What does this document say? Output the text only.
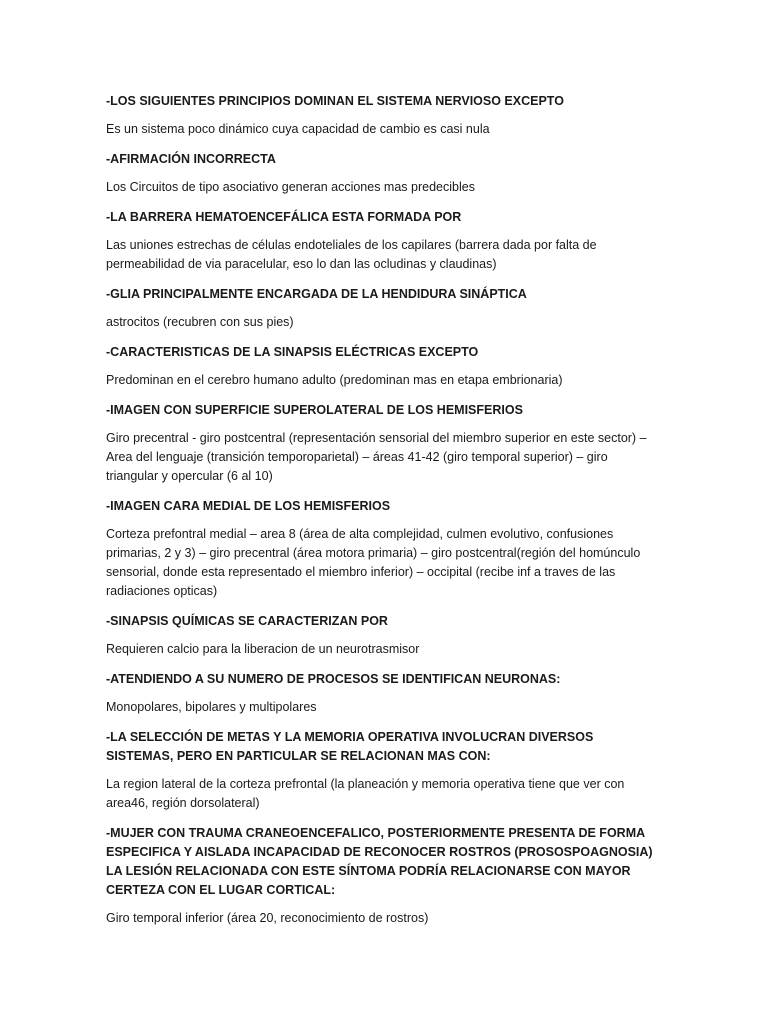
-LOS SIGUIENTES PRINCIPIOS DOMINAN EL SISTEMA NERVIOSO EXCEPTO

Es un sistema poco dinámico cuya capacidad de cambio es casi nula

-AFIRMACIÓN INCORRECTA

Los Circuitos de tipo asociativo generan acciones mas predecibles

-LA BARRERA HEMATOENCEFÁLICA ESTA FORMADA POR

Las uniones estrechas de células endoteliales de los capilares (barrera dada por falta de permeabilidad de via paracelular, eso lo dan las ocludinas y claudinas)

-GLIA PRINCIPALMENTE ENCARGADA DE LA HENDIDURA SINÁPTICA

astrocitos (recubren con sus pies)

-CARACTERISTICAS DE LA SINAPSIS ELÉCTRICAS EXCEPTO

Predominan en el cerebro humano adulto (predominan mas en etapa embrionaria)

-IMAGEN CON SUPERFICIE SUPEROLATERAL DE LOS HEMISFERIOS

Giro precentral - giro postcentral (representación sensorial del miembro superior en este sector) – Area del lenguaje (transición temporoparietal) – áreas 41-42 (giro temporal superior) – giro triangular y opercular (6 al 10)

-IMAGEN CARA MEDIAL DE LOS HEMISFERIOS

Corteza prefontral medial – area 8 (área de alta complejidad, culmen evolutivo, confusiones primarias, 2 y 3) – giro precentral (área motora primaria) – giro postcentral(región del homúnculo sensorial, donde esta representado el miembro inferior) – occipital (recibe inf a traves de las radiaciones opticas)

-SINAPSIS QUÍMICAS SE CARACTERIZAN POR

Requieren calcio para la liberacion de un neurotrasmisor

-ATENDIENDO A SU NUMERO DE PROCESOS SE IDENTIFICAN NEURONAS:

Monopolares, bipolares y multipolares

-LA SELECCIÓN DE METAS Y LA MEMORIA OPERATIVA INVOLUCRAN DIVERSOS SISTEMAS, PERO EN PARTICULAR SE RELACIONAN MAS CON:

La region lateral de la corteza prefrontal (la planeación y memoria operativa tiene que ver con area46, región dorsolateral)

-MUJER CON TRAUMA CRANEOENCEFALICO, POSTERIORMENTE PRESENTA DE FORMA ESPECIFICA Y AISLADA INCAPACIDAD DE RECONOCER ROSTROS (PROSOSPOAGNOSIA) LA LESIÓN RELACIONADA CON ESTE SÍNTOMA PODRÍA RELACIONARSE CON MAYOR CERTEZA CON EL LUGAR CORTICAL:

Giro temporal inferior (área 20, reconocimiento de rostros)
